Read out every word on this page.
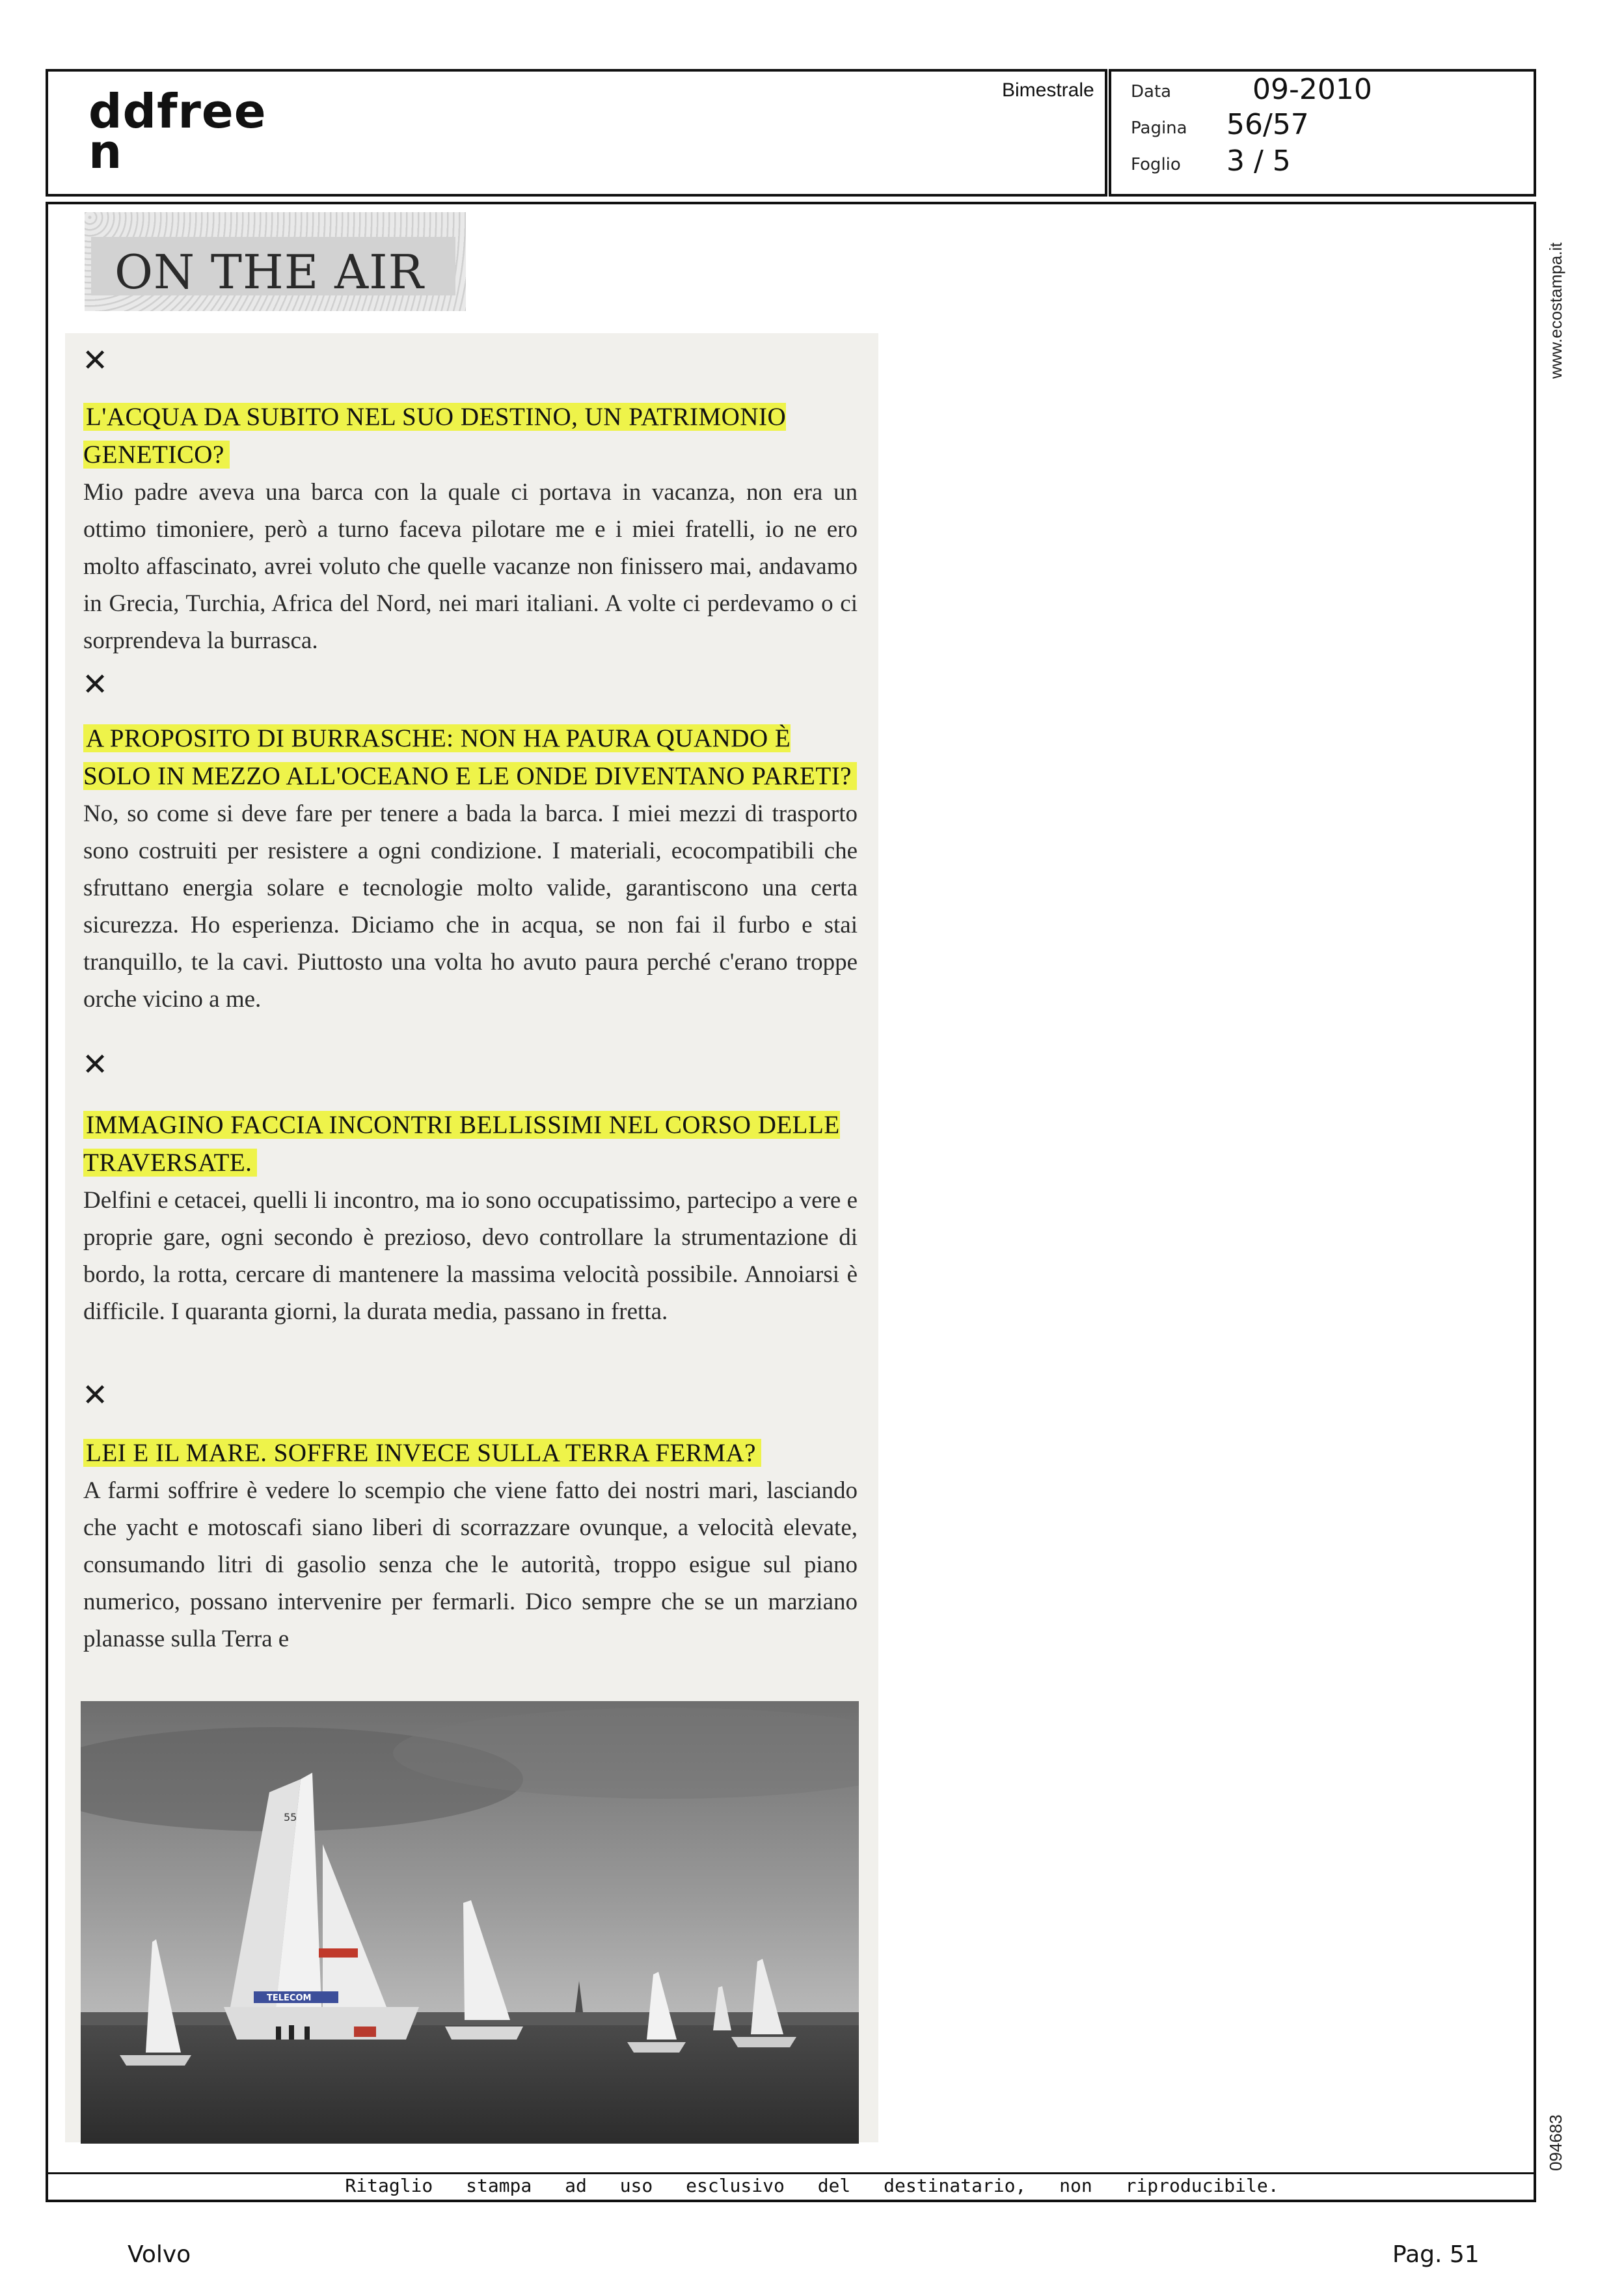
ddfree
n
Bimestrale Data	09-2010
Pagina 56/57
Foglio 3 / 5
Ritaglio stampa ad uso esclusivo del destinatario, non riproducibile.
www.ecostampa.it
094683
ON THE AIR
✕
L'ACQUA DA SUBITO NEL SUO DESTINO, UN PATRIMONIO GENETICO?
Mio padre aveva una barca con la quale ci portava in vacanza, non era un ottimo timoniere, però a turno faceva pilotare me e i miei fratelli, io ne ero molto affascinato, avrei voluto che quelle vacanze non finissero mai, andavamo in Grecia, Turchia, Africa del Nord, nei mari italiani. A volte ci perdevamo o ci sorprendeva la burrasca.
✕
A PROPOSITO DI BURRASCHE: NON HA PAURA QUANDO È SOLO IN MEZZO ALL'OCEANO E LE ONDE DIVENTANO PARETI?
No, so come si deve fare per tenere a bada la barca. I miei mezzi di trasporto sono costruiti per resistere a ogni condizione. I materiali, ecocompatibili che sfruttano energia solare e tecnologie molto valide, garantiscono una certa sicurezza. Ho esperienza. Diciamo che in acqua, se non fai il furbo e stai tranquillo, te la cavi. Piuttosto una volta ho avuto paura perché c'erano troppe orche vicino a me.
✕
IMMAGINO FACCIA INCONTRI BELLISSIMI NEL CORSO DELLE TRAVERSATE.
Delfini e cetacei, quelli li incontro, ma io sono occupatissimo, partecipo a vere e proprie gare, ogni secondo è prezioso, devo controllare la strumentazione di bordo, la rotta, cercare di mantenere la massima velocità possibile. Annoiarsi è difficile. I quaranta giorni, la durata media, passano in fretta.
✕
LEI E IL MARE. SOFFRE INVECE SULLA TERRA FERMA?
A farmi soffrire è vedere lo scempio che viene fatto dei nostri mari, lasciando che yacht e motoscafi siano liberi di scorrazzare ovunque, a velocità elevate, consumando litri di gasolio senza che le autorità, troppo esigue sul piano numerico, possano intervenire per fermarli. Dico sempre che se un marziano planasse sulla Terra e
55
TELECOM
Volvo	Pag. 51
